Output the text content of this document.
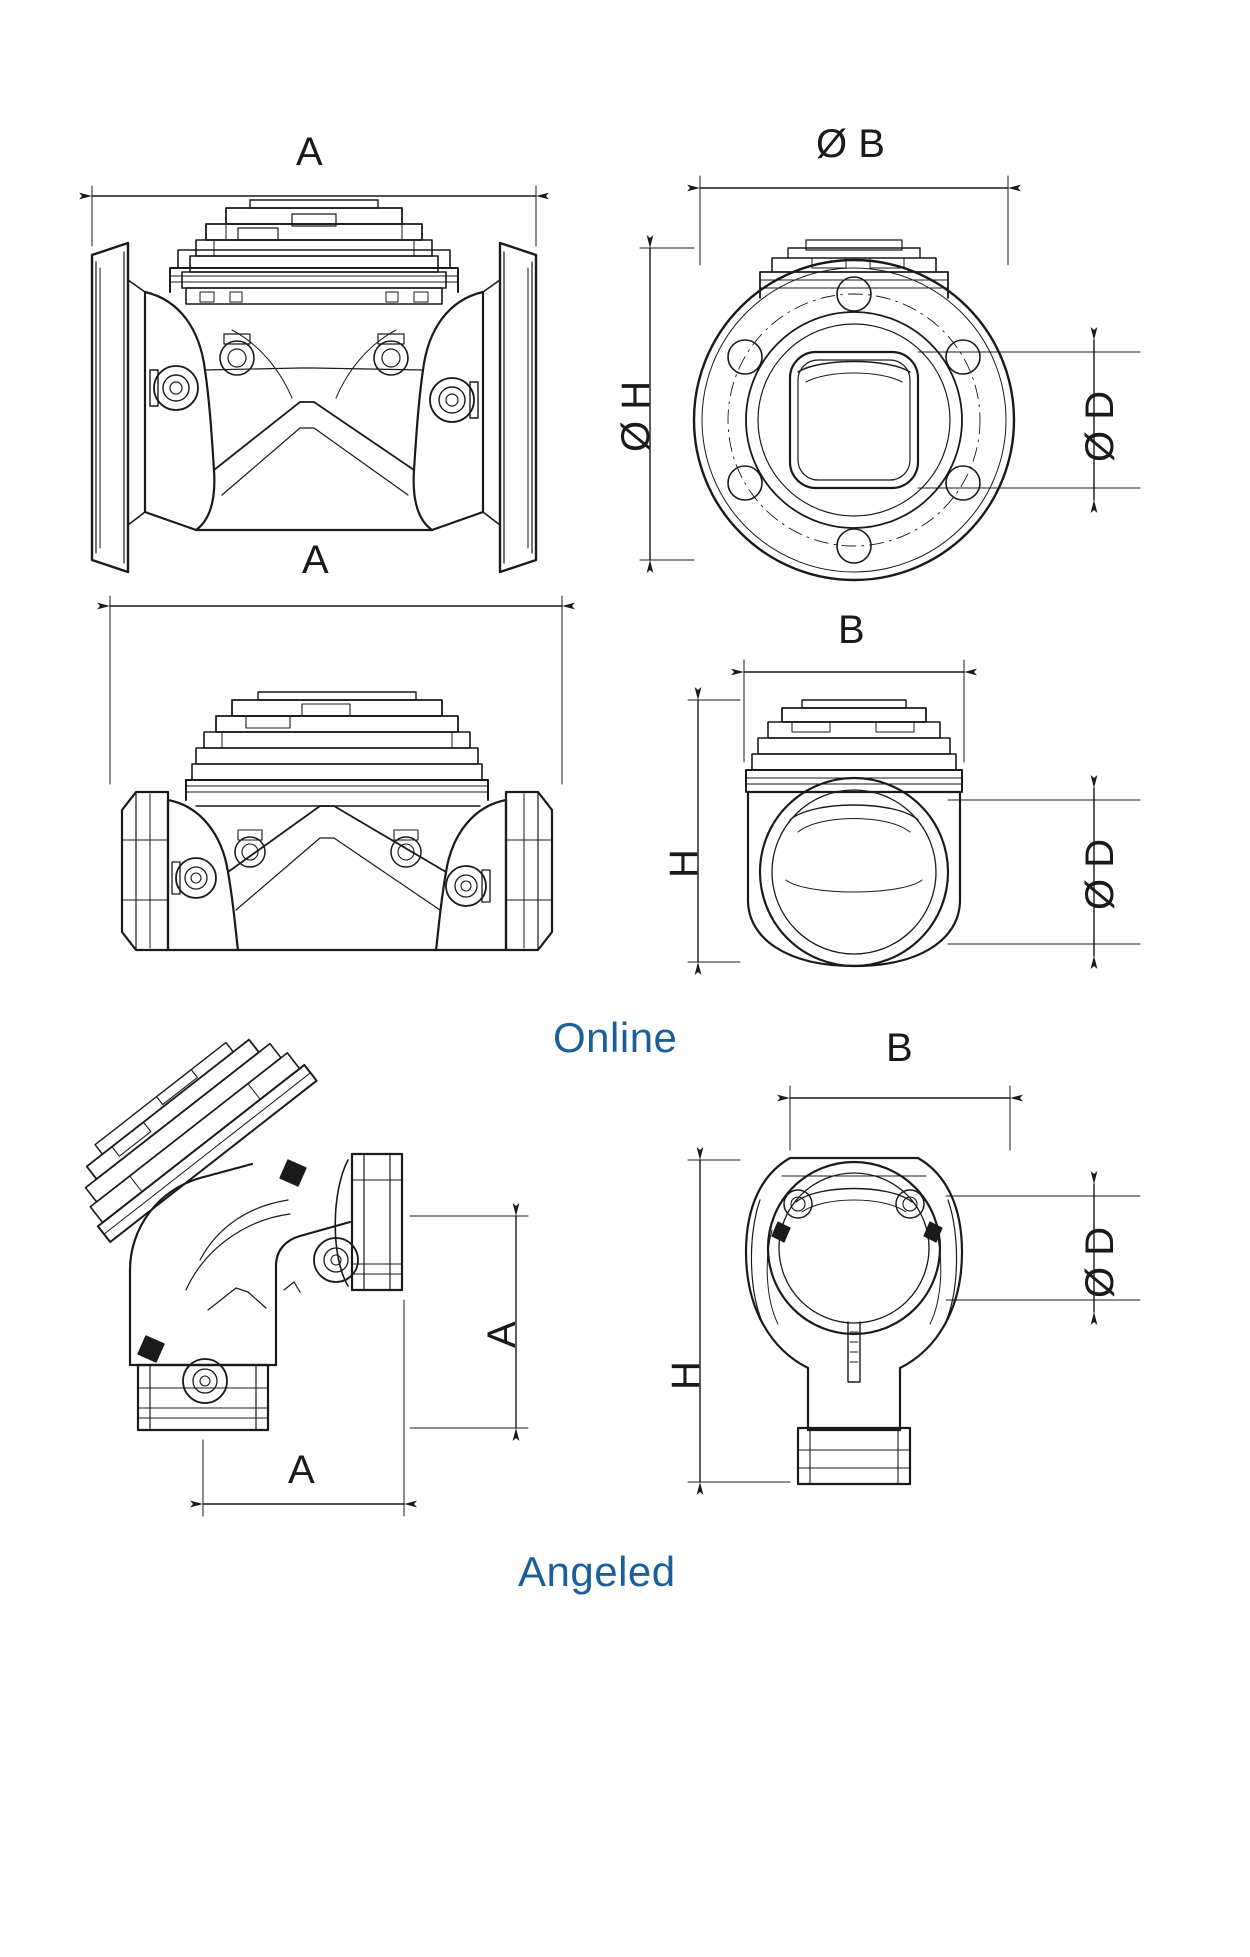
A	Ø B
Ø H	Ø D
A
B
H	Ø D
A
A
B
H
Ø D
Online
Angeled
